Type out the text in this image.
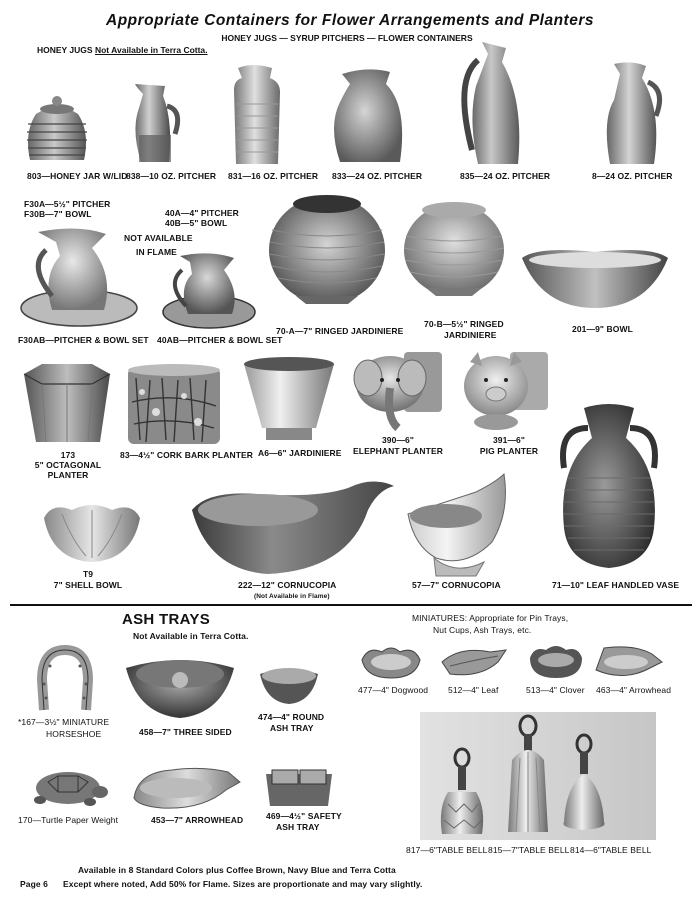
Appropriate Containers for Flower Arrangements and Planters
HONEY JUGS Not Available in Terra Cotta.
HONEY JUGS — SYRUP PITCHERS — FLOWER CONTAINERS
803—HONEY JAR W/LID
838—10 OZ. PITCHER 831—16 OZ. PITCHER 833—24 OZ. PITCHER	835—24 OZ. PITCHER	8—24 OZ. PITCHER
F30A—5½" PITCHER
F30B—7" BOWL	40A—4" PITCHER
40B—5" BOWL
NOT AVAILABLE
IN FLAME
F30AB—PITCHER & BOWL SET 40AB—PITCHER & BOWL SET
70-A—7" RINGED JARDINIERE
70-B—5½" RINGED
JARDINIERE
201—9" BOWL
173
5" OCTAGONAL
PLANTER
83—4½" CORK BARK PLANTER A6—6" JARDINIERE
390—6"
ELEPHANT PLANTER
391—6"
PIG PLANTER
T9
7" SHELL BOWL	222—12" CORNUCOPIA
(Not Available in Flame)
57—7" CORNUCOPIA	71—10" LEAF HANDLED VASE
ASH TRAYS
Not Available in Terra Cotta.
MINIATURES: Appropriate for Pin Trays,
Nut Cups, Ash Trays, etc.
*167—3½" MINIATURE
HORSESHOE	458—7" THREE SIDED
474—4" ROUND
ASH TRAY
170—Turtle Paper Weight	453—7" ARROWHEAD	469—4½" SAFETY
ASH TRAY
477—4" Dogwood 512—4" Leaf	513—4" Clover 463—4" Arrowhead
817—6"TABLE BELL 815—7"TABLE BELL 814—6"TABLE BELL
Available in 8 Standard Colors plus Coffee Brown, Navy Blue and Terra Cotta
Page 6 Except where noted, Add 50% for Flame. Sizes are proportionate and may vary slightly.
